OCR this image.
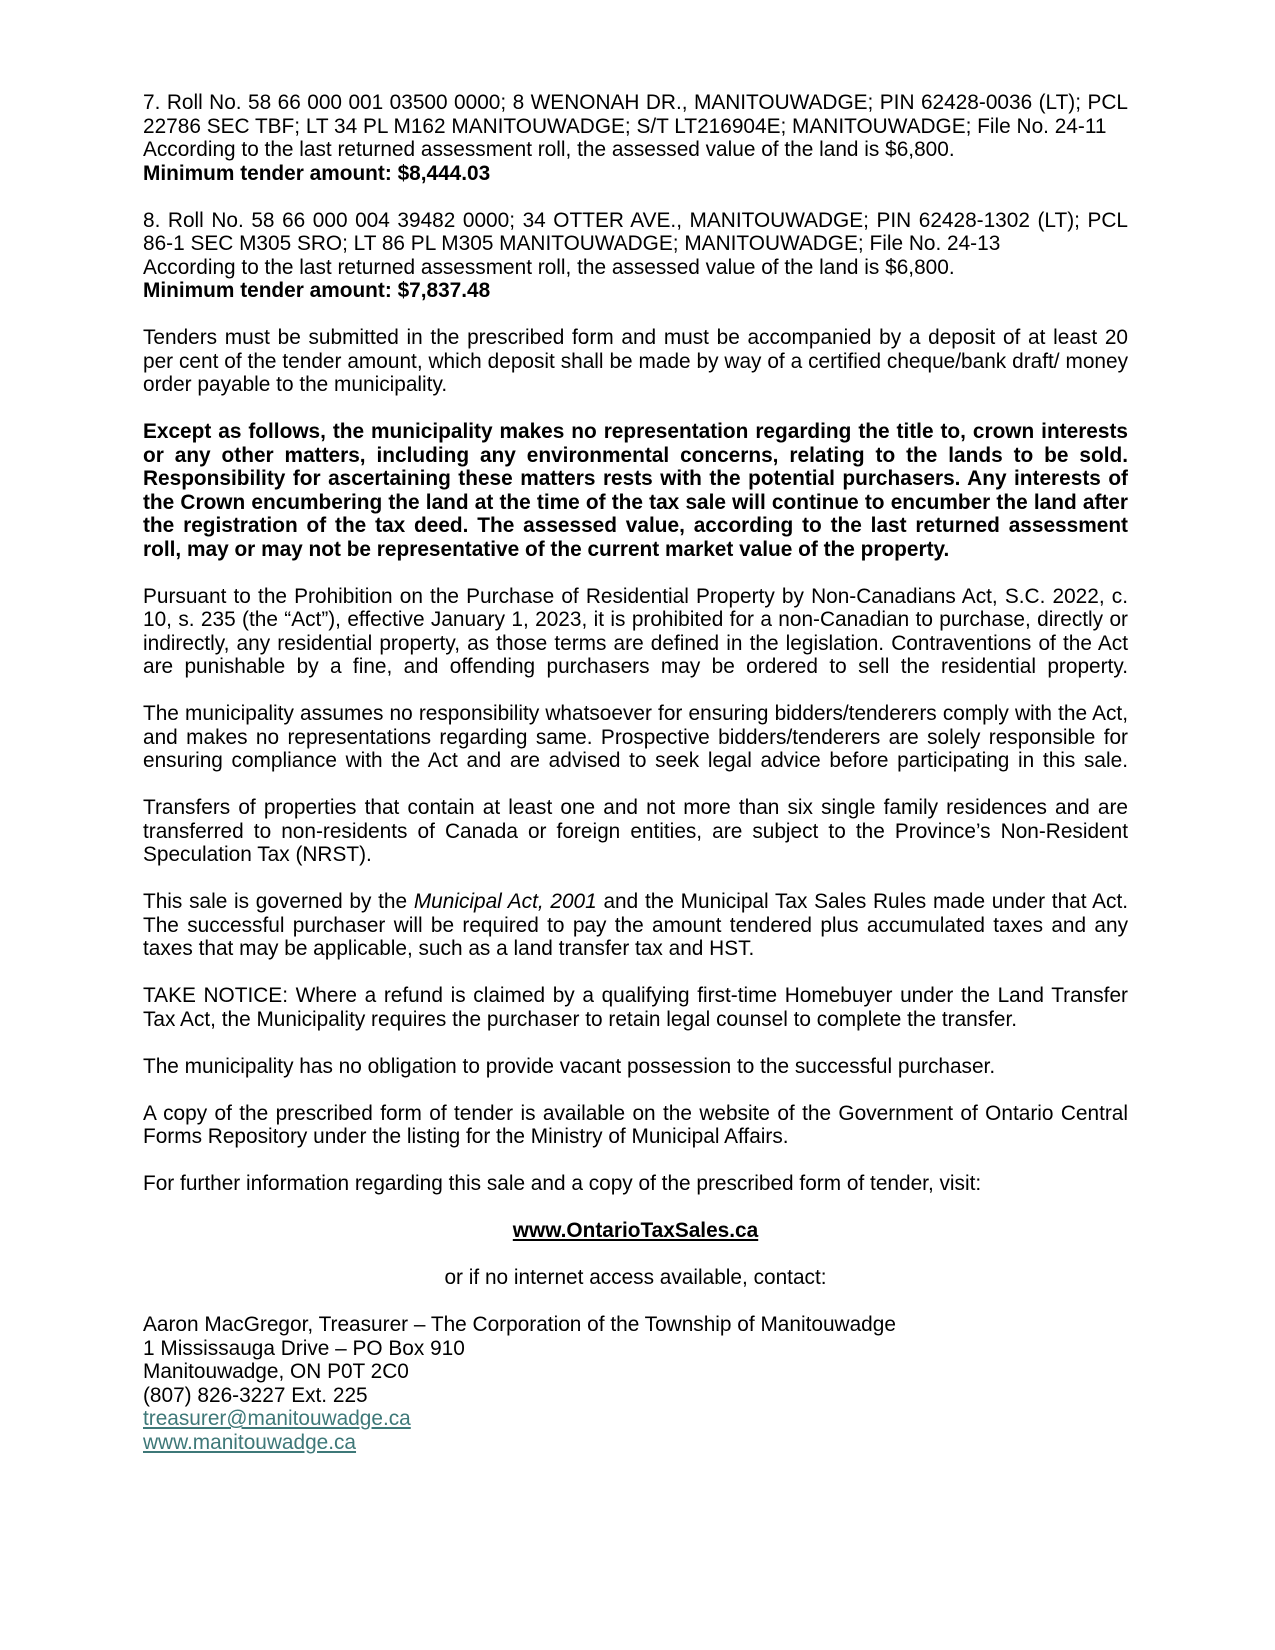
7. Roll No. 58 66 000 001 03500 0000; 8 WENONAH DR., MANITOUWADGE; PIN 62428-0036 (LT); PCL 22786 SEC TBF; LT 34 PL M162 MANITOUWADGE; S/T LT216904E; MANITOUWADGE; File No. 24-11

According to the last returned assessment roll, the assessed value of the land is $6,800.
Minimum tender amount: $8,444.03

8. Roll No. 58 66 000 004 39482 0000; 34 OTTER AVE., MANITOUWADGE; PIN 62428-1302 (LT); PCL 86-1 SEC M305 SRO; LT 86 PL M305 MANITOUWADGE; MANITOUWADGE; File No. 24-13

According to the last returned assessment roll, the assessed value of the land is $6,800.
Minimum tender amount: $7,837.48

Tenders must be submitted in the prescribed form and must be accompanied by a deposit of at least 20 per cent of the tender amount, which deposit shall be made by way of a certified cheque/bank draft/ money order payable to the municipality.

Except as follows, the municipality makes no representation regarding the title to, crown interests or any other matters, including any environmental concerns, relating to the lands to be sold. Responsibility for ascertaining these matters rests with the potential purchasers. Any interests of the Crown encumbering the land at the time of the tax sale will continue to encumber the land after the registration of the tax deed. The assessed value, according to the last returned assessment roll, may or may not be representative of the current market value of the property.

Pursuant to the Prohibition on the Purchase of Residential Property by Non-Canadians Act, S.C. 2022, c. 10, s. 235 (the “Act”), effective January 1, 2023, it is prohibited for a non-Canadian to purchase, directly or indirectly, any residential property, as those terms are defined in the legislation. Contraventions of the Act are punishable by a fine, and offending purchasers may be ordered to sell the residential property.

The municipality assumes no responsibility whatsoever for ensuring bidders/tenderers comply with the Act, and makes no representations regarding same. Prospective bidders/tenderers are solely responsible for ensuring compliance with the Act and are advised to seek legal advice before participating in this sale.

Transfers of properties that contain at least one and not more than six single family residences and are transferred to non-residents of Canada or foreign entities, are subject to the Province’s Non-Resident Speculation Tax (NRST).

This sale is governed by the Municipal Act, 2001 and the Municipal Tax Sales Rules made under that Act. The successful purchaser will be required to pay the amount tendered plus accumulated taxes and any taxes that may be applicable, such as a land transfer tax and HST.

TAKE NOTICE: Where a refund is claimed by a qualifying first-time Homebuyer under the Land Transfer Tax Act, the Municipality requires the purchaser to retain legal counsel to complete the transfer.

The municipality has no obligation to provide vacant possession to the successful purchaser.

A copy of the prescribed form of tender is available on the website of the Government of Ontario Central Forms Repository under the listing for the Ministry of Municipal Affairs.

For further information regarding this sale and a copy of the prescribed form of tender, visit:

www.OntarioTaxSales.ca

or if no internet access available, contact:

Aaron MacGregor, Treasurer – The Corporation of the Township of Manitouwadge
1 Mississauga Drive – PO Box 910
Manitouwadge, ON P0T 2C0
(807) 826-3227 Ext. 225
treasurer@manitouwadge.ca
www.manitouwadge.ca
